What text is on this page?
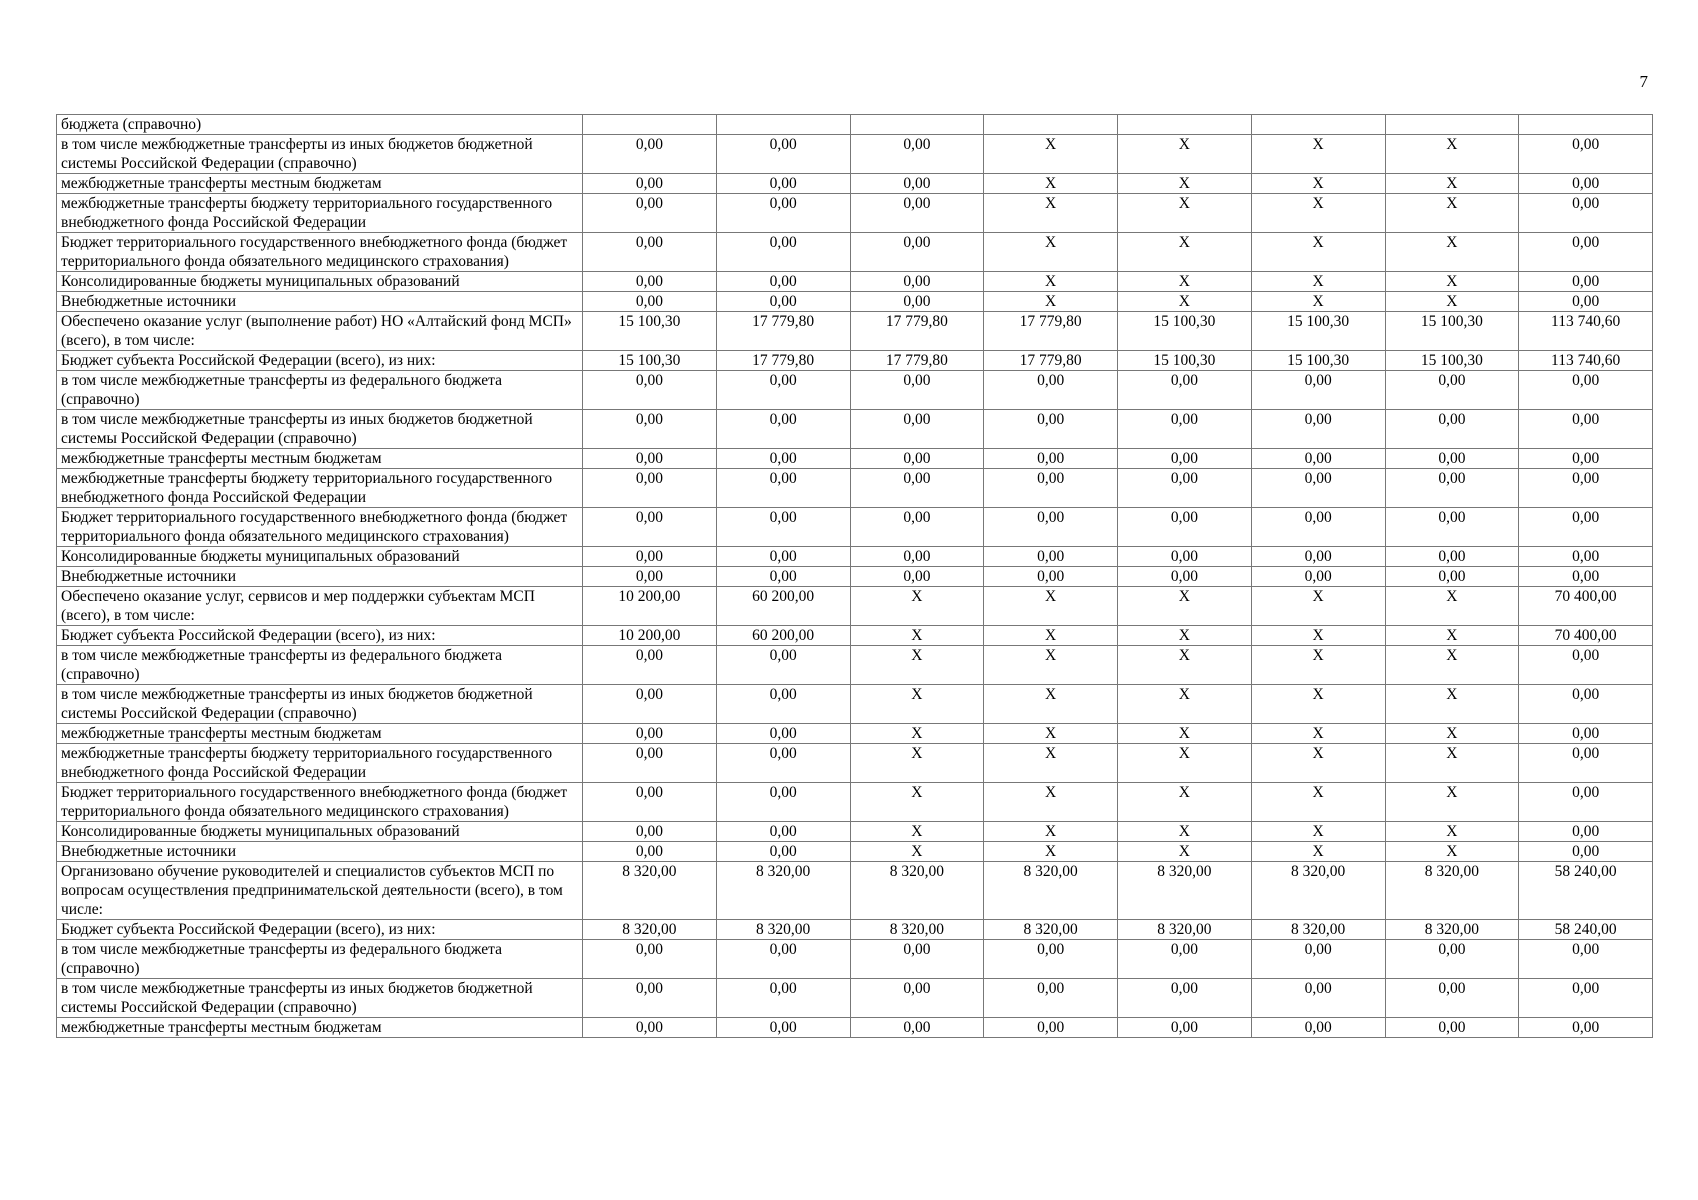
7
бюджета (справочно)								
в том числе межбюджетные трансферты из иных бюджетов бюджетной системы Российской Федерации (справочно)	0,00	0,00	0,00	X	X	X	X	0,00
межбюджетные трансферты местным бюджетам	0,00	0,00	0,00	X	X	X	X	0,00
межбюджетные трансферты бюджету территориального государственного внебюджетного фонда Российской Федерации	0,00	0,00	0,00	X	X	X	X	0,00
Бюджет территориального государственного внебюджетного фонда (бюджет территориального фонда обязательного медицинского страхования)	0,00	0,00	0,00	X	X	X	X	0,00
Консолидированные бюджеты муниципальных образований	0,00	0,00	0,00	X	X	X	X	0,00
Внебюджетные источники	0,00	0,00	0,00	X	X	X	X	0,00
Обеспечено оказание услуг (выполнение работ) НО «Алтайский фонд МСП» (всего), в том числе:	15 100,30	17 779,80	17 779,80	17 779,80	15 100,30	15 100,30	15 100,30	113 740,60
Бюджет субъекта Российской Федерации (всего), из них:	15 100,30	17 779,80	17 779,80	17 779,80	15 100,30	15 100,30	15 100,30	113 740,60
в том числе межбюджетные трансферты из федерального бюджета (справочно)	0,00	0,00	0,00	0,00	0,00	0,00	0,00	0,00
в том числе межбюджетные трансферты из иных бюджетов бюджетной системы Российской Федерации (справочно)	0,00	0,00	0,00	0,00	0,00	0,00	0,00	0,00
межбюджетные трансферты местным бюджетам	0,00	0,00	0,00	0,00	0,00	0,00	0,00	0,00
межбюджетные трансферты бюджету территориального государственного внебюджетного фонда Российской Федерации	0,00	0,00	0,00	0,00	0,00	0,00	0,00	0,00
Бюджет территориального государственного внебюджетного фонда (бюджет территориального фонда обязательного медицинского страхования)	0,00	0,00	0,00	0,00	0,00	0,00	0,00	0,00
Консолидированные бюджеты муниципальных образований	0,00	0,00	0,00	0,00	0,00	0,00	0,00	0,00
Внебюджетные источники	0,00	0,00	0,00	0,00	0,00	0,00	0,00	0,00
Обеспечено оказание услуг, сервисов и мер поддержки субъектам МСП (всего), в том числе:	10 200,00	60 200,00	X	X	X	X	X	70 400,00
Бюджет субъекта Российской Федерации (всего), из них:	10 200,00	60 200,00	X	X	X	X	X	70 400,00
в том числе межбюджетные трансферты из федерального бюджета (справочно)	0,00	0,00	X	X	X	X	X	0,00
в том числе межбюджетные трансферты из иных бюджетов бюджетной системы Российской Федерации (справочно)	0,00	0,00	X	X	X	X	X	0,00
межбюджетные трансферты местным бюджетам	0,00	0,00	X	X	X	X	X	0,00
межбюджетные трансферты бюджету территориального государственного внебюджетного фонда Российской Федерации	0,00	0,00	X	X	X	X	X	0,00
Бюджет территориального государственного внебюджетного фонда (бюджет территориального фонда обязательного медицинского страхования)	0,00	0,00	X	X	X	X	X	0,00
Консолидированные бюджеты муниципальных образований	0,00	0,00	X	X	X	X	X	0,00
Внебюджетные источники	0,00	0,00	X	X	X	X	X	0,00
Организовано обучение руководителей и специалистов субъектов МСП по вопросам осуществления предпринимательской деятельности (всего), в том числе:	8 320,00	8 320,00	8 320,00	8 320,00	8 320,00	8 320,00	8 320,00	58 240,00
Бюджет субъекта Российской Федерации (всего), из них:	8 320,00	8 320,00	8 320,00	8 320,00	8 320,00	8 320,00	8 320,00	58 240,00
в том числе межбюджетные трансферты из федерального бюджета (справочно)	0,00	0,00	0,00	0,00	0,00	0,00	0,00	0,00
в том числе межбюджетные трансферты из иных бюджетов бюджетной системы Российской Федерации (справочно)	0,00	0,00	0,00	0,00	0,00	0,00	0,00	0,00
межбюджетные трансферты местным бюджетам	0,00	0,00	0,00	0,00	0,00	0,00	0,00	0,00
